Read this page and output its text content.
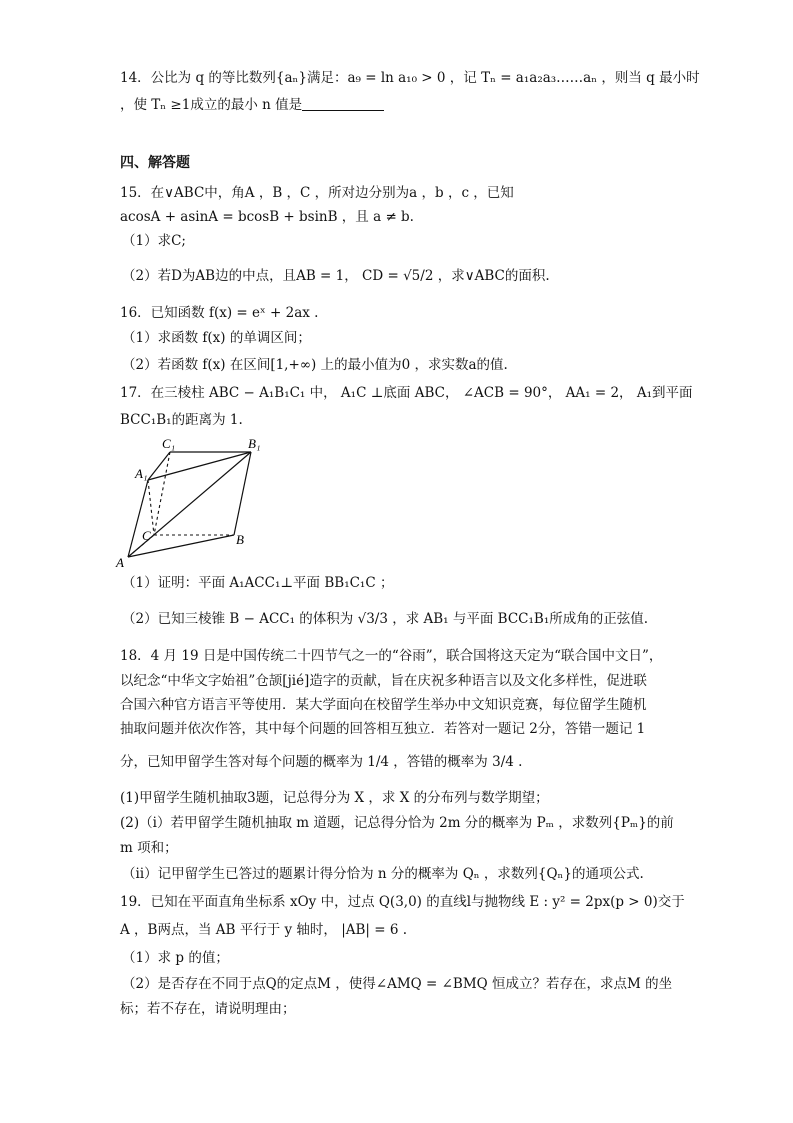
14．公比为 q 的等比数列{aₙ}满足：a₉ = ln a₁₀ > 0 ，记 Tₙ = a₁a₂a₃……aₙ ，则当 q 最小时
，使 Tₙ ≥1成立的最小 n 值是
四、解答题
15．在∨ABC中，角A ，B ，C ，所对边分别为a ，b ，c ，已知
acosA + asinA = bcosB + bsinB ，且 a ≠ b.
（1）求C;
（2）若D为AB边的中点，且AB = 1， CD = √5/2 ，求∨ABC的面积.
16．已知函数 f(x) = eˣ + 2ax .
（1）求函数 f(x) 的单调区间；
（2）若函数 f(x) 在区间[1,+∞) 上的最小值为0 ，求实数a的值.
17．在三棱柱 ABC − A₁B₁C₁ 中， A₁C ⊥底面 ABC， ∠ACB = 90°， AA₁ = 2， A₁到平面
BCC₁B₁的距离为 1.
C₁	B₁
A₁
C	B
A
（1）证明：平面 A₁ACC₁⊥平面 BB₁C₁C ；
（2）已知三棱锥 B − ACC₁ 的体积为 √3/3 ，求 AB₁ 与平面 BCC₁B₁所成角的正弦值.
18．4 月 19 日是中国传统二十四节气之一的“谷雨”，联合国将这天定为“联合国中文日”，
以纪念“中华文字始祖”仓颉[jié]造字的贡献，旨在庆祝多种语言以及文化多样性，促进联
合国六种官方语言平等使用．某大学面向在校留学生举办中文知识竞赛，每位留学生随机
抽取问题并依次作答，其中每个问题的回答相互独立．若答对一题记 2分，答错一题记 1
分，已知甲留学生答对每个问题的概率为 1/4 ，答错的概率为 3/4 .
(1)甲留学生随机抽取3题，记总得分为 X ，求 X 的分布列与数学期望；
(2)（ⅰ）若甲留学生随机抽取 m 道题，记总得分恰为 2m 分的概率为 Pₘ ，求数列{Pₘ}的前
m 项和；
（ⅱ）记甲留学生已答过的题累计得分恰为 n 分的概率为 Qₙ ，求数列{Qₙ}的通项公式.
19．已知在平面直角坐标系 xOy 中，过点 Q(3,0) 的直线l与抛物线 E : y² = 2px(p > 0)交于
A ，B两点，当 AB 平行于 y 轴时， |AB| = 6 .
（1）求 p 的值；
（2）是否存在不同于点Q的定点M ，使得∠AMQ = ∠BMQ 恒成立？若存在，求点M 的坐
标；若不存在，请说明理由；
